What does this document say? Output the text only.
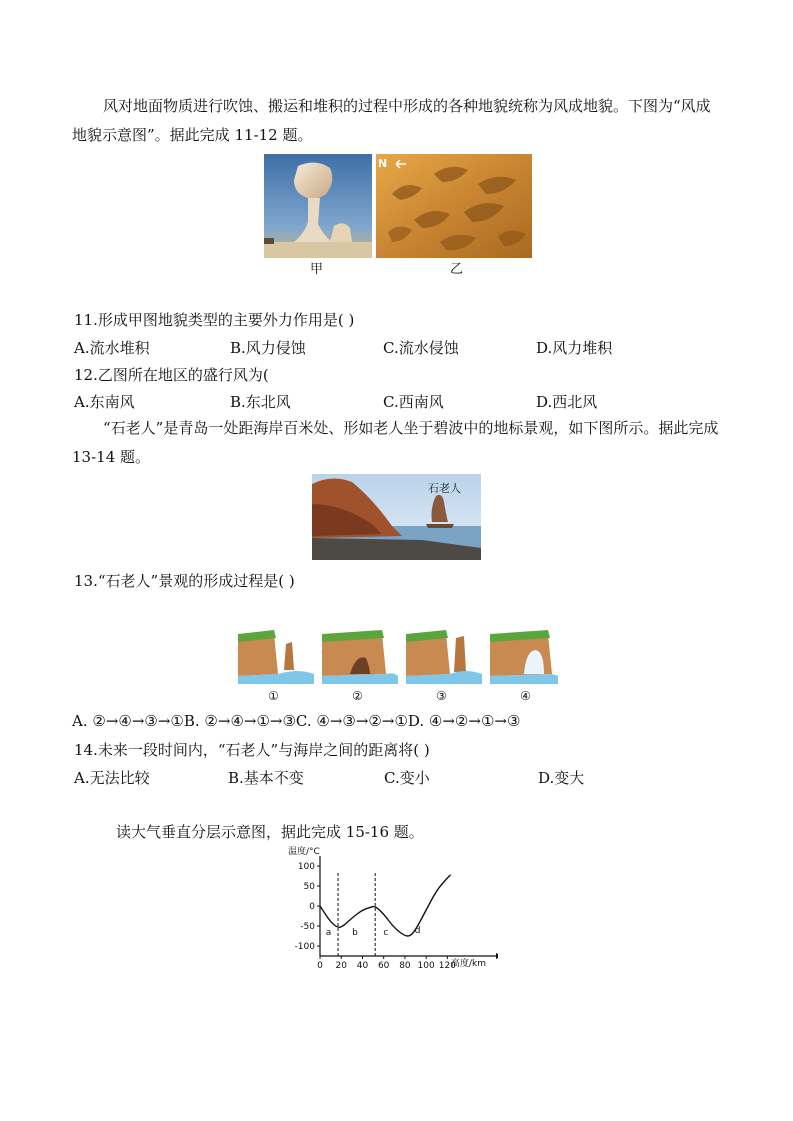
风对地面物质进行吹蚀、搬运和堆积的过程中形成的各种地貌统称为风成地貌。下图为“风成地貌示意图”。据此完成 11-12 题。
N
甲	乙
11.形成甲图地貌类型的主要外力作用是( )
A.流水堆积	B.风力侵蚀	C.流水侵蚀	D.风力堆积
12.乙图所在地区的盛行风为(
A.东南风	B.东北风	C.西南风	D.西北风
“石老人”是青岛一处距海岸百米处、形如老人坐于碧波中的地标景观，如下图所示。据此完成 13-14 题。
石老人
13.“石老人”景观的形成过程是( )
①	②	③	④
A. ②→④→③→①B. ②→④→①→③C. ④→③→②→①D. ④→②→①→③
14.未来一段时间内，“石老人”与海岸之间的距离将( )
A.无法比较	B.基本不变	C.变小	D.变大
读大气垂直分层示意图，据此完成 15-16 题。
100
50
0
-50
-100
0 20 40 60 80 100 120
a b	c	d
温度/°C
高度/km
